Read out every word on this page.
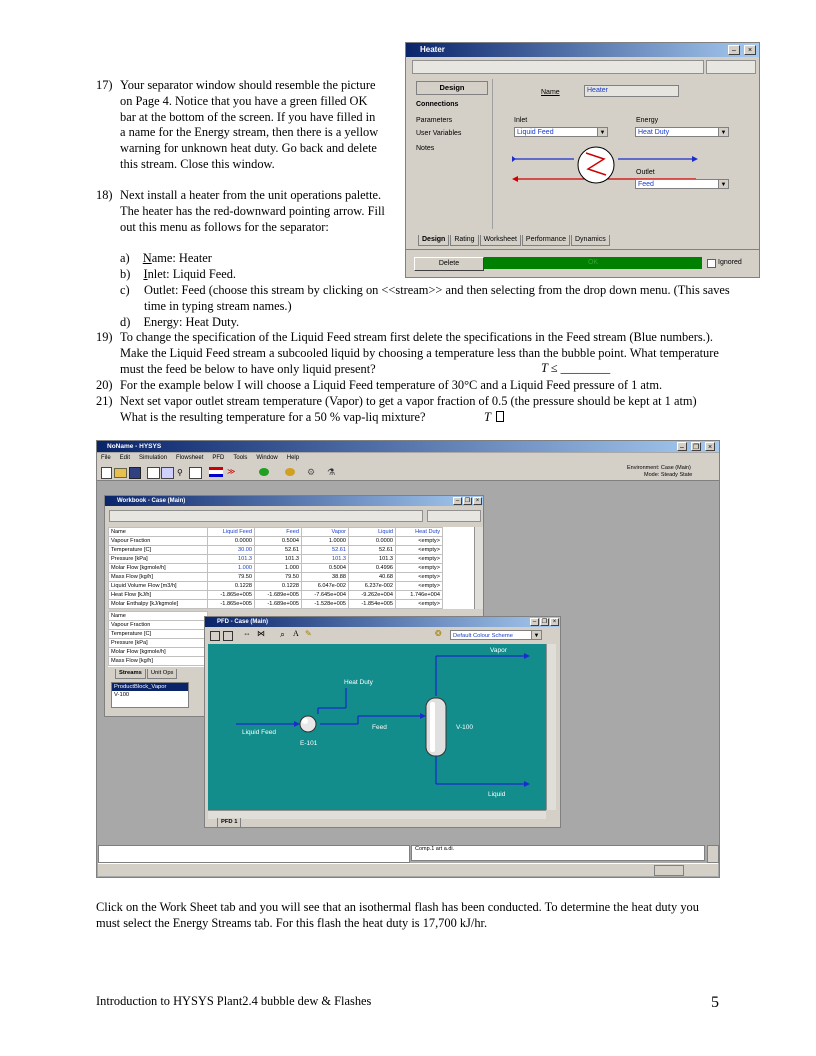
Heater	–	×
Design
Connections
Parameters
User Variables
Notes
Name	Heater
Inlet
Liquid Feed	▼
Energy
Heat Duty	▼
Outlet
Feed	▼
Design Rating Worksheet Performance Dynamics
Delete	OK	Ignored
17) Your separator window should resemble the picture on Page 4. Notice that you have a green filled OK bar at the bottom of the screen. If you have filled in a name for the Energy stream, then there is a yellow warning for unknown heat duty. Go back and delete this stream. Close this window.
18) Next install a heater from the unit operations palette. The heater has the red-downward pointing arrow. Fill out this menu as follows for the separator:
a) Name: Heater
b) Inlet: Liquid Feed.
c) Outlet: Feed (choose this stream by clicking on <<stream>> and then selecting from the drop down menu. (This saves time in typing stream names.)
d) Energy: Heat Duty.
19) To change the specification of the Liquid Feed stream first delete the specifications in the Feed stream (Blue numbers.). Make the Liquid Feed stream a subcooled liquid by choosing a temperature less than the bubble point. What temperature must the feed be below to have only liquid present?	T ≤ ________
20) For the example below I will choose a Liquid Feed temperature of 30°C and a Liquid Feed pressure of 1 atm.
21) Next set vapor outlet stream temperature (Vapor) to get a vapor fraction of 0.5 (the pressure should be kept at 1 atm) What is the resulting temperature for a 50 % vap-liq mixture?	T
NoName - HYSYS	–	❐	×
File Edit Simulation Flowsheet PFD Tools Window Help
⚲	≫	⚙ ⚗	Environment: Case (Main)
Mode: Steady State
Workbook - Case (Main)	– ❐ ×
Name	Liquid Feed	Feed	Vapor	Liquid	Heat Duty
Vapour Fraction	0.0000	0.5004	1.0000	0.0000	<empty>
Temperature [C]	30.00	52.61	52.61	52.61	<empty>
Pressure [kPa]	101.3	101.3	101.3	101.3	<empty>
Molar Flow [kgmole/h]	1.000	1.000	0.5004	0.4996	<empty>
Mass Flow [kg/h]	79.50	79.50	38.88	40.68	<empty>
Liquid Volume Flow [m3/h]	0.1228	0.1228	6.047e-002	6.237e-002	<empty>
Heat Flow [kJ/h]	-1.865e+005	-1.689e+005	-7.645e+004	-9.262e+004	1.746e+004
Molar Enthalpy [kJ/kgmole]	-1.865e+005	-1.689e+005	-1.528e+005	-1.854e+005	<empty>
Name
Vapour Fraction
Temperature [C]
Pressure [kPa]
Molar Flow [kgmole/h]
Mass Flow [kg/h]
Streams Unit Ops
ProductBlock_Vapor
V-100
PFD - Case (Main)	– ❐ ×
⇔ ⋈ ⌕ A ✎	❂	Default Colour Scheme	▼
Vapor
Heat Duty
Liquid Feed
Feed
E-101
V-100
Liquid
PFD 1
Comp.1 art a.di.
Click on the Work Sheet tab and you will see that an isothermal flash has been conducted. To determine the heat duty you must select the Energy Streams tab. For this flash the heat duty is 17,700 kJ/hr.
Introduction to HYSYS Plant2.4 bubble dew & Flashes	5
